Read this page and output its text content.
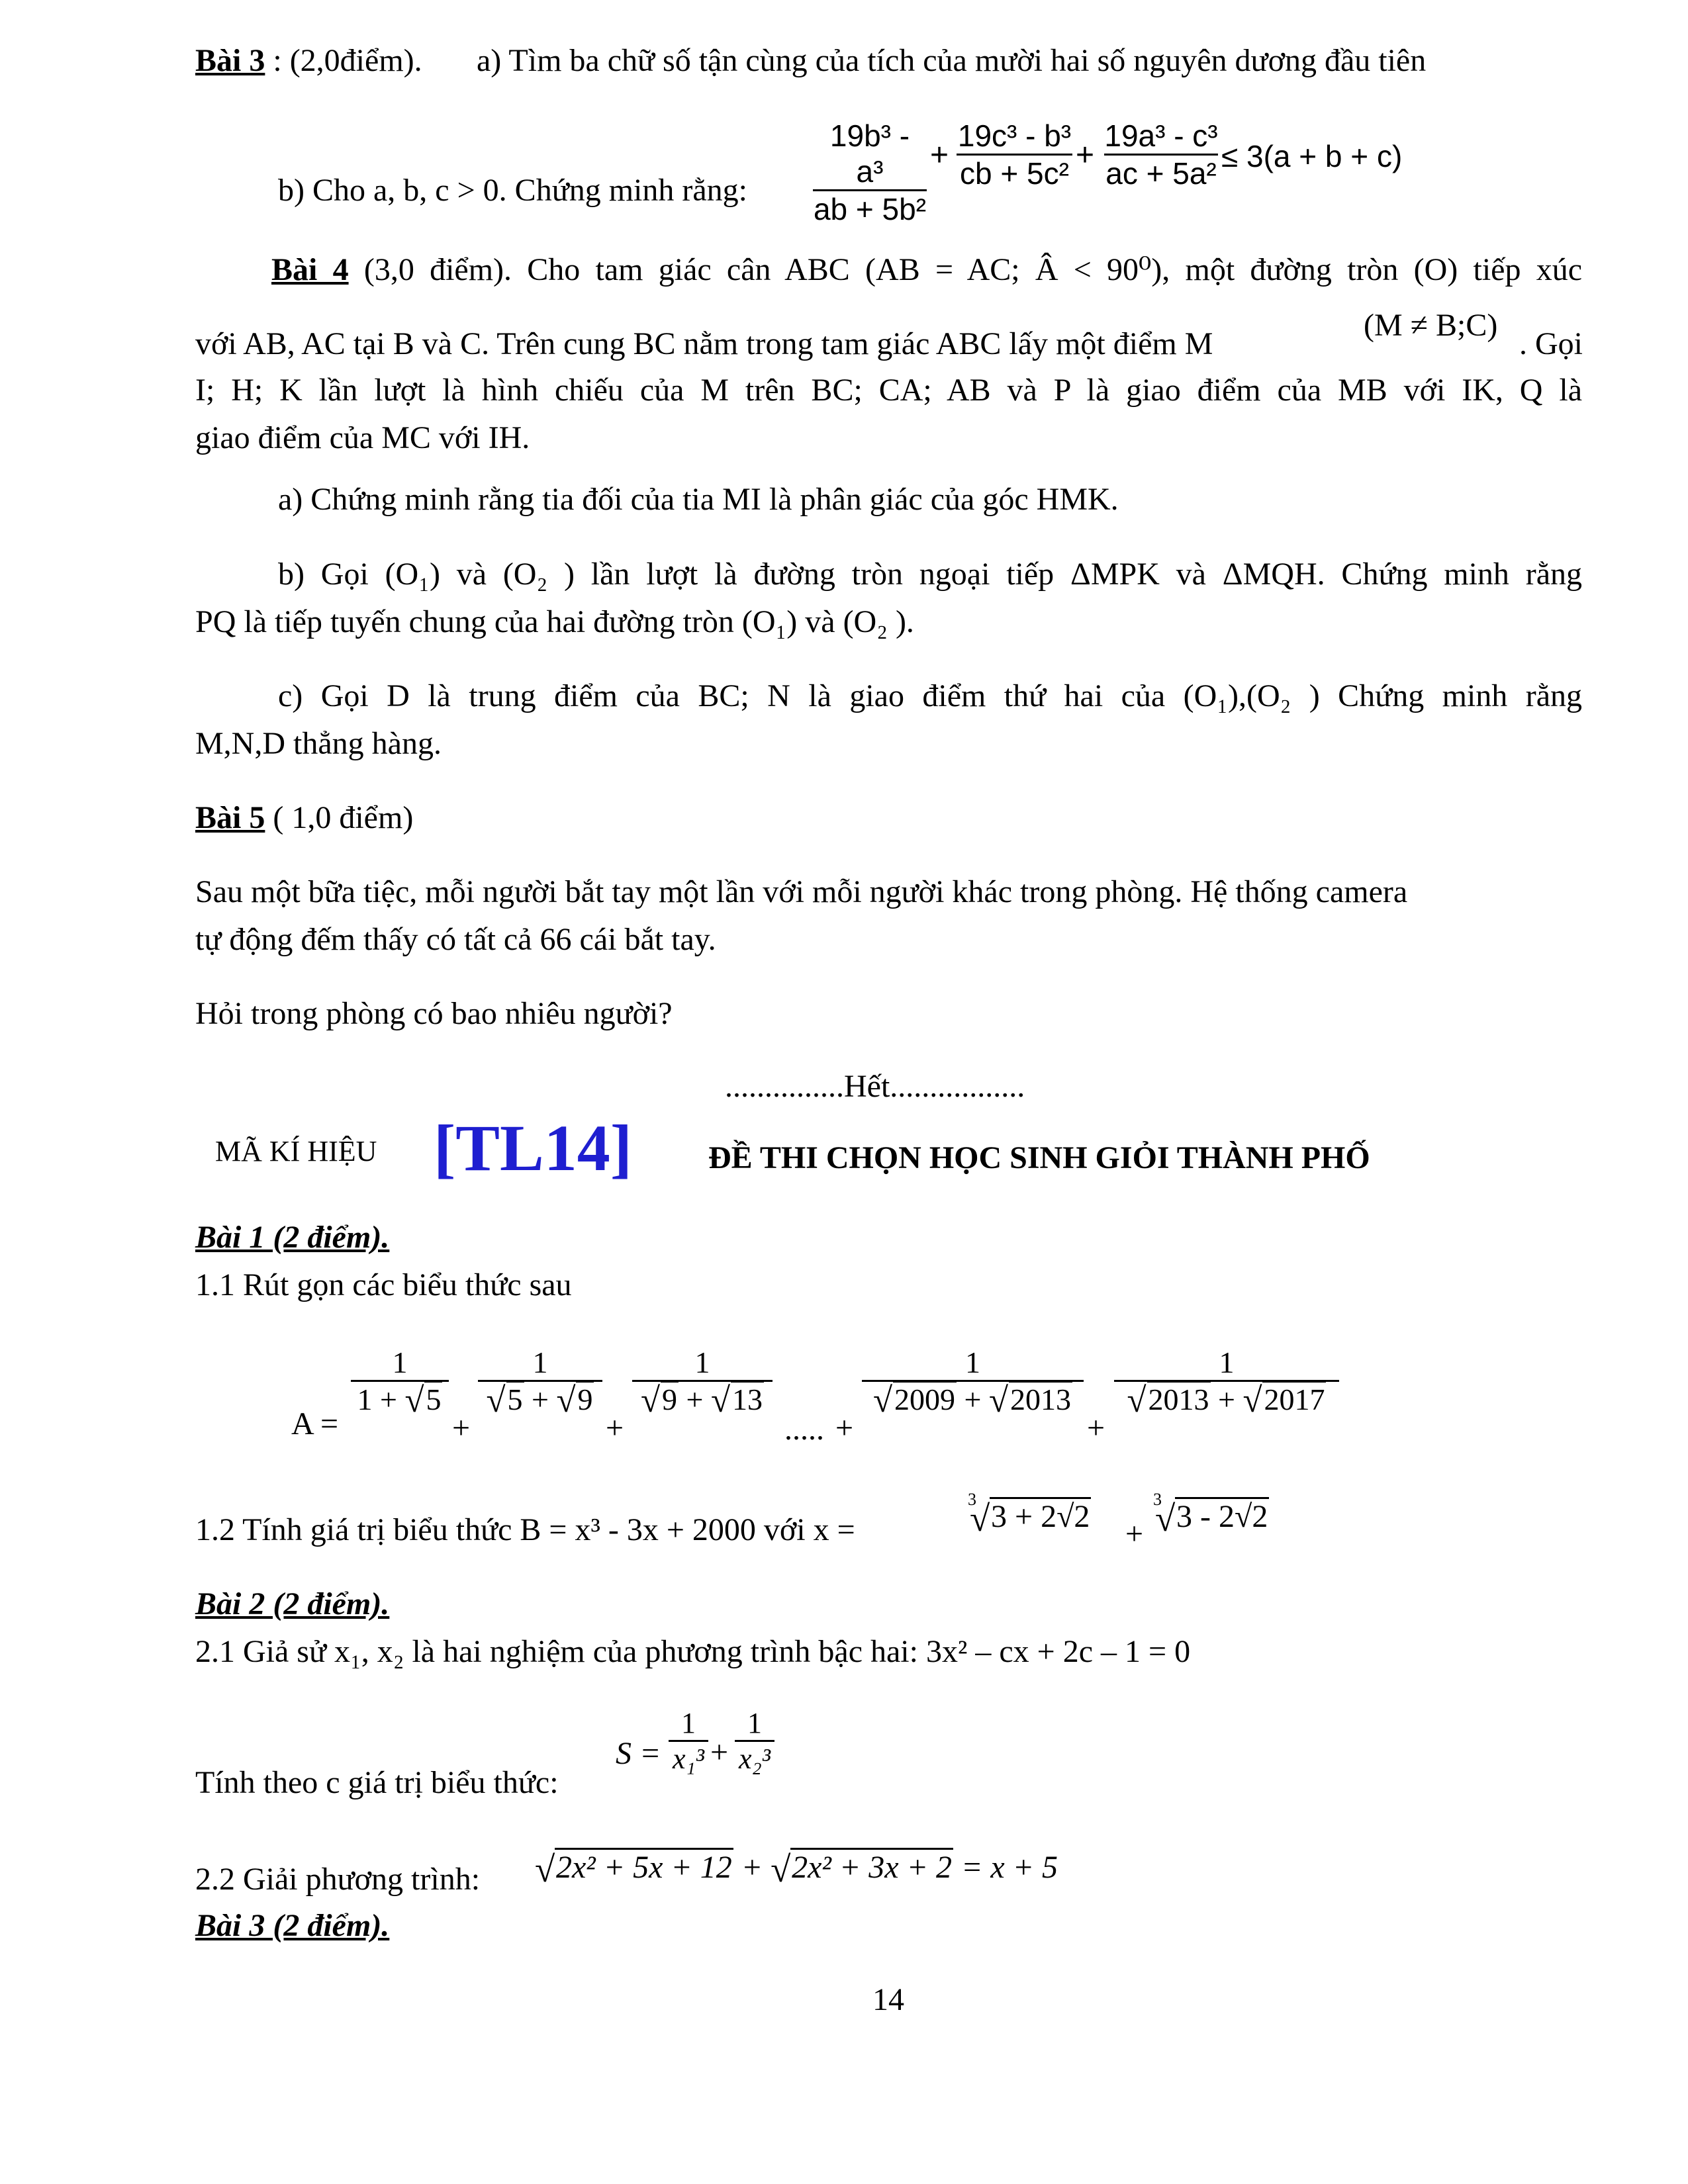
Bài 3 : (2,0điểm). a) Tìm ba chữ số tận cùng của tích của mười hai số nguyên dương đầu tiên
19b³ - a³
ab + 5b²
+
19c³ - b³
cb + 5c²
+
19a³ - c³
ac + 5a² ≤ 3(a + b + c)
b) Cho a, b, c > 0. Chứng minh rằng:
Bài 4 (3,0 điểm). Cho tam giác cân ABC (AB = AC; Â < 90⁰), một đường tròn (O) tiếp xúc
với AB, AC tại B và C. Trên cung BC nằm trong tam giác ABC lấy một điểm M
(M ≠ B;C)
. Gọi
I; H; K lần lượt là hình chiếu của M trên BC; CA; AB và P là giao điểm của MB với IK, Q là
giao điểm của MC với IH.
a) Chứng minh rằng tia đối của tia MI là phân giác của góc HMK.
b) Gọi (O₁) và (O₂ ) lần lượt là đường tròn ngoại tiếp ΔMPK và ΔMQH. Chứng minh rằng
PQ là tiếp tuyến chung của hai đường tròn (O₁) và (O₂ ).
c) Gọi D là trung điểm của BC; N là giao điểm thứ hai của (O₁),(O₂ ) Chứng minh rằng
M,N,D thẳng hàng.
Bài 5 ( 1,0 điểm)
Sau một bữa tiệc, mỗi người bắt tay một lần với mỗi người khác trong phòng. Hệ thống camera
tự động đếm thấy có tất cả 66 cái bắt tay.
Hỏi trong phòng có bao nhiêu người?
...............Hết.................
MÃ KÍ HIỆU [TL14] ĐỀ THI CHỌN HỌC SINH GIỎI THÀNH PHỐ
Bài 1 (2 điểm).
1.1 Rút gọn các biểu thức sau
A =
1
1 + √ 5
+
1
√ 5 + √ 9
+
1
√ 9 + √ 13
..... +
1
√ 2009 + √ 2013
+
1
√ 2013 + √ 2017
1.2 Tính giá trị biểu thức B = x³ - 3x + 2000 với x =
3 √ 3 + 2√2 +
3 √ 3 - 2√2
Bài 2 (2 điểm).
2.1 Giả sử x₁, x₂ là hai nghiệm của phương trình bậc hai: 3x² – cx + 2c – 1 = 0
S =
1
x₁³ +
1
x₂³
Tính theo c giá trị biểu thức:
2.2 Giải phương trình:	√ 2x² + 5x + 12 + √ 2x² + 3x + 2 = x + 5
Bài 3 (2 điểm).
14
